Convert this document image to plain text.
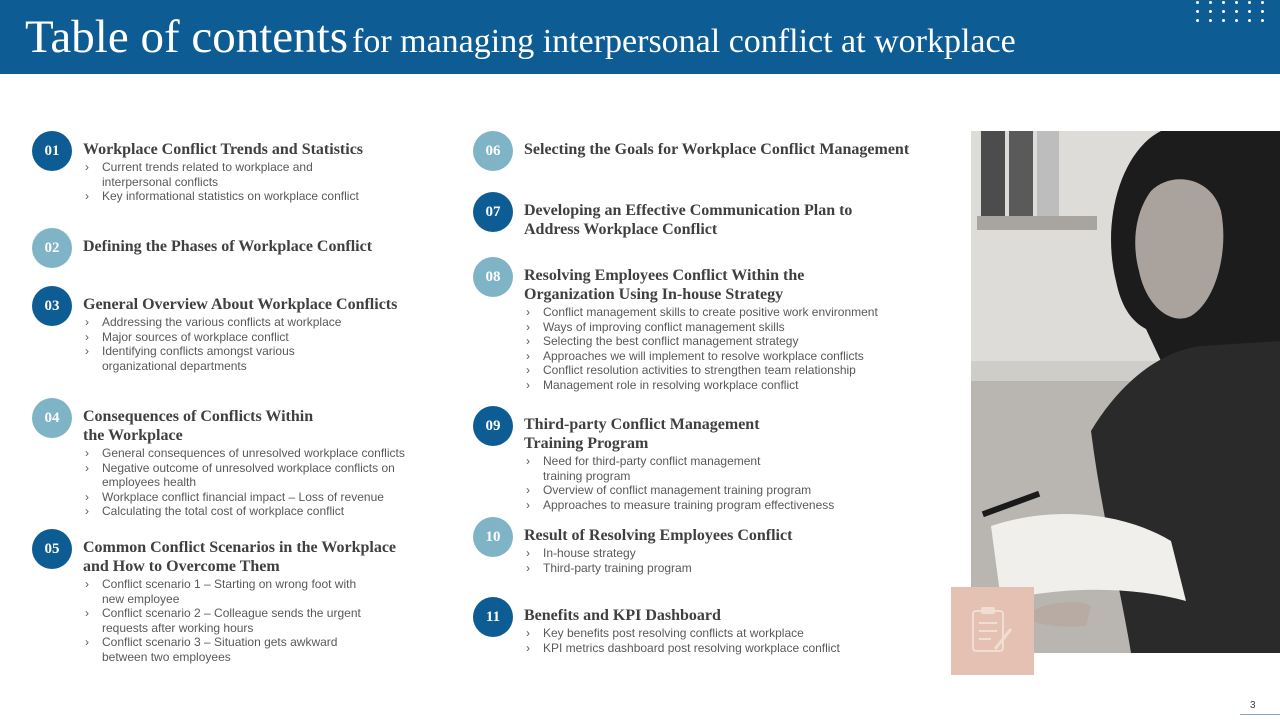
Table of contents for managing interpersonal conflict at workplace
01	Workplace Conflict Trends and Statistics
› Current trends related to workplace and
interpersonal conflicts
› Key informational statistics on workplace conflict
02	Defining the Phases of Workplace Conflict
03	General Overview About Workplace Conflicts
› Addressing the various conflicts at workplace
› Major sources of workplace conflict
› Identifying conflicts amongst various
organizational departments
04	Consequences of Conflicts Within
the Workplace
› General consequences of unresolved workplace conflicts
› Negative outcome of unresolved workplace conflicts on
employees health
› Workplace conflict financial impact – Loss of revenue
› Calculating the total cost of workplace conflict
05	Common Conflict Scenarios in the Workplace
and How to Overcome Them
› Conflict scenario 1 – Starting on wrong foot with
new employee
› Conflict scenario 2 – Colleague sends the urgent
requests after working hours
› Conflict scenario 3 – Situation gets awkward
between two employees
06	Selecting the Goals for Workplace Conflict Management
07	Developing an Effective Communication Plan to
Address Workplace Conflict
08	Resolving Employees Conflict Within the
Organization Using In-house Strategy
› Conflict management skills to create positive work environment
› Ways of improving conflict management skills
› Selecting the best conflict management strategy
› Approaches we will implement to resolve workplace conflicts
› Conflict resolution activities to strengthen team relationship
› Management role in resolving workplace conflict
09	Third-party Conflict Management
Training Program
› Need for third-party conflict management
training program
› Overview of conflict management training program
› Approaches to measure training program effectiveness
10	Result of Resolving Employees Conflict
› In-house strategy
› Third-party training program
11	Benefits and KPI Dashboard
› Key benefits post resolving conflicts at workplace
› KPI metrics dashboard post resolving workplace conflict
3
